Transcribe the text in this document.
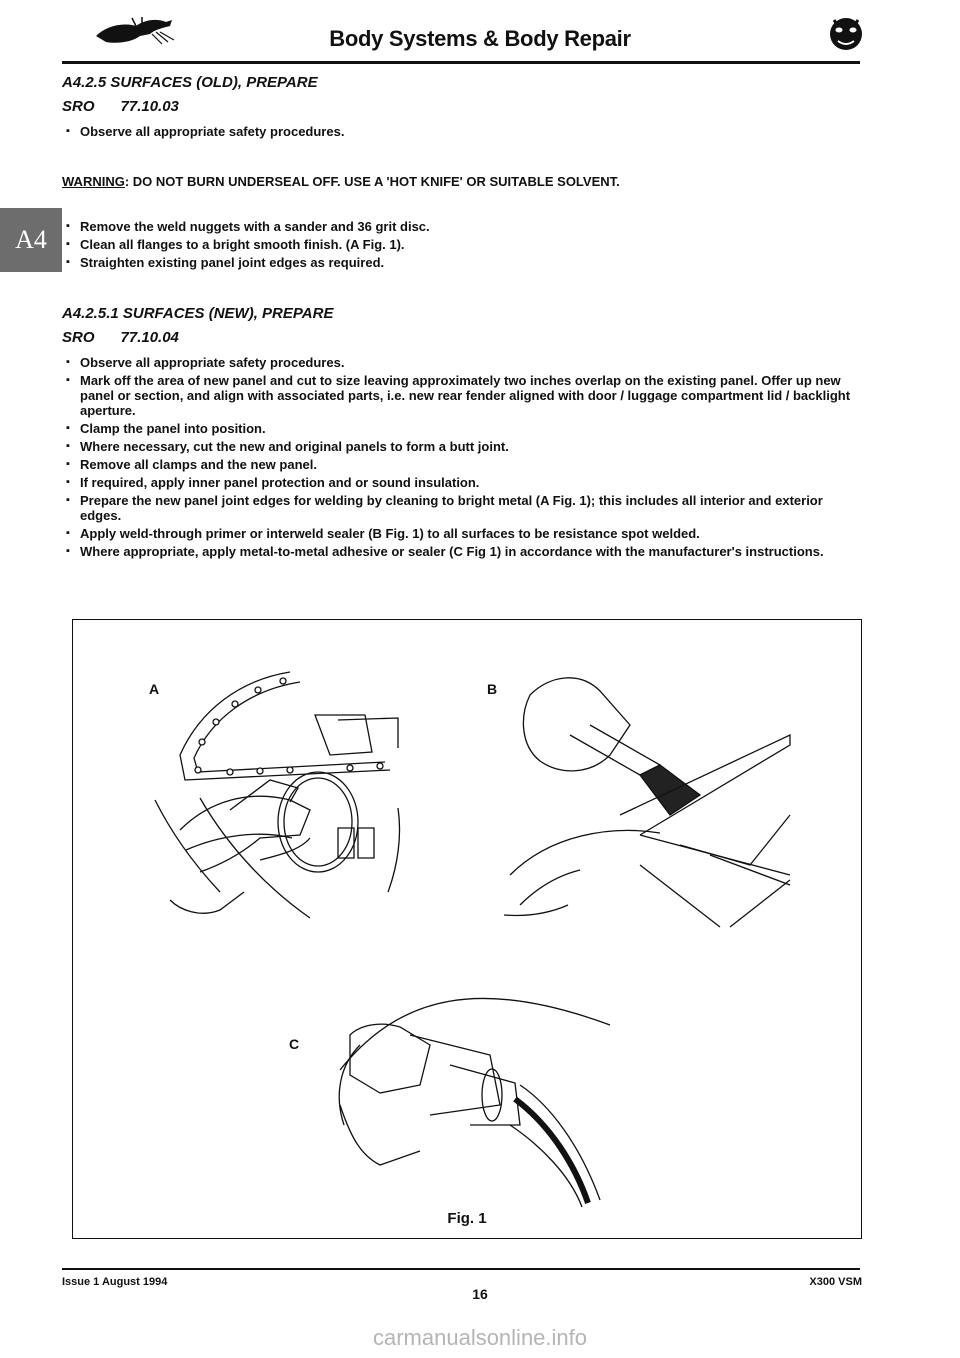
Body Systems & Body Repair
A4
A4.2.5 SURFACES (OLD), PREPARE
SRO 77.10.03
▪ Observe all appropriate safety procedures.
WARNING: DO NOT BURN UNDERSEAL OFF. USE A 'HOT KNIFE' OR SUITABLE SOLVENT.
▪ Remove the weld nuggets with a sander and 36 grit disc.
▪ Clean all flanges to a bright smooth finish. (A Fig. 1).
▪ Straighten existing panel joint edges as required.
A4.2.5.1 SURFACES (NEW), PREPARE
SRO 77.10.04
▪ Observe all appropriate safety procedures.
▪ Mark off the area of new panel and cut to size leaving approximately two inches overlap on the existing panel. Offer up new panel or section, and align with associated parts, i.e. new rear fender aligned with door / luggage compartment lid / backlight aperture.
▪ Clamp the panel into position.
▪ Where necessary, cut the new and original panels to form a butt joint.
▪ Remove all clamps and the new panel.
▪ If required, apply inner panel protection and or sound insulation.
▪ Prepare the new panel joint edges for welding by cleaning to bright metal (A Fig. 1); this includes all interior and exterior edges.
▪ Apply weld-through primer or interweld sealer (B Fig. 1) to all surfaces to be resistance spot welded.
▪ Where appropriate, apply metal-to-metal adhesive or sealer (C Fig 1) in accordance with the manufacturer's instructions.
A	B
C
Fig. 1
Issue 1 August 1994
16
X300 VSM
carmanualsonline.info
